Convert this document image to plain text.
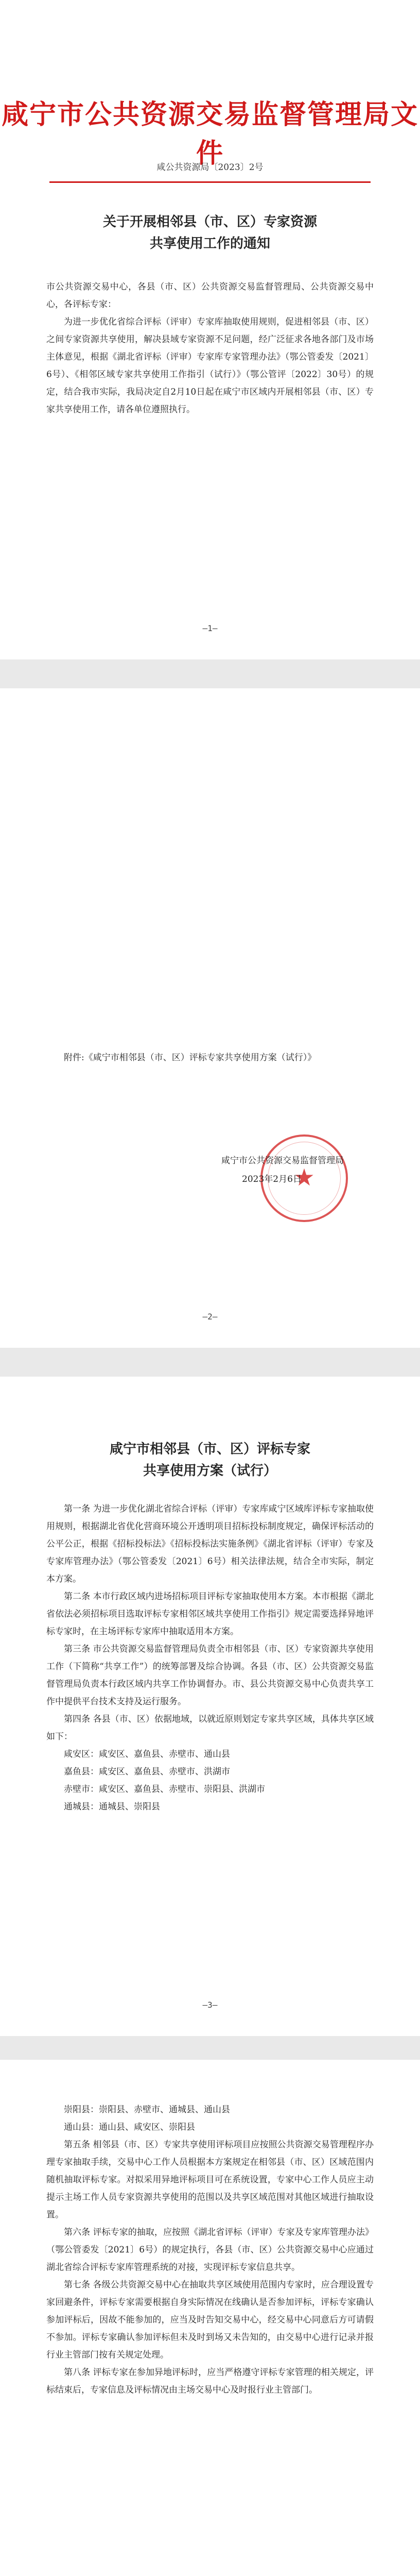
咸宁市公共资源交易监督管理局文件
咸公共资源局〔2023〕2号
关于开展相邻县（市、区）专家资源
共享使用工作的通知

市公共资源交易中心，各县（市、区）公共资源交易监督管理局、公共资源交易中心，各评标专家：

为进一步优化省综合评标（评审）专家库抽取使用规则，促进相邻县（市、区）之间专家资源共享使用，解决县域专家资源不足问题，经广泛征求各地各部门及市场主体意见，根据《湖北省评标（评审）专家库专家管理办法》（鄂公管委发〔2021〕6号）、《相邻区域专家共享使用工作指引（试行）》（鄂公管评〔2022〕30号）的规定，结合我市实际，我局决定自2月10日起在咸宁市区域内开展相邻县（市、区）专家共享使用工作，请各单位遵照执行。

—1—

附件:《咸宁市相邻县（市、区）评标专家共享使用方案（试行）》

★
咸宁市公共资源交易监督管理局
2023年2月6日
—2—
咸宁市相邻县（市、区）评标专家
共享使用方案（试行）

第一条 为进一步优化湖北省综合评标（评审）专家库咸宁区域库评标专家抽取使用规则，根据湖北省优化营商环境公开透明项目招标投标制度规定，确保评标活动的公平公正，根据《招标投标法》《招标投标法实施条例》《湖北省评标（评审）专家及专家库管理办法》（鄂公管委发〔2021〕6号）相关法律法规，结合全市实际，制定本方案。

第二条 本市行政区域内进场招标项目评标专家抽取使用本方案。本市根据《湖北省依法必须招标项目选取评标专家相邻区域共享使用工作指引》规定需要选择异地评标专家时，在主场评标专家库中抽取适用本方案。

第三条 市公共资源交易监督管理局负责全市相邻县（市、区）专家资源共享使用工作（下简称“共享工作”）的统筹部署及综合协调。各县（市、区）公共资源交易监督管理局负责本行政区域内共享工作协调督办。市、县公共资源交易中心负责共享工作中提供平台技术支持及运行服务。

第四条 各县（市、区）依据地域，以就近原则划定专家共享区域，具体共享区域如下：

咸安区：咸安区、嘉鱼县、赤壁市、通山县

嘉鱼县：咸安区、嘉鱼县、赤壁市、洪湖市

赤壁市：咸安区、嘉鱼县、赤壁市、崇阳县、洪湖市

通城县：通城县、崇阳县

—3—

崇阳县：崇阳县、赤壁市、通城县、通山县

通山县：通山县、咸安区、崇阳县

第五条 相邻县（市、区）专家共享使用评标项目应按照公共资源交易管理程序办理专家抽取手续，交易中心工作人员根据本方案规定在相邻县（市、区）区域范围内随机抽取评标专家。对拟采用异地评标项目可在系统设置，专家中心工作人员应主动提示主场工作人员专家资源共享使用的范围以及共享区域范围对其他区域进行抽取设置。

第六条 评标专家的抽取，应按照《湖北省评标（评审）专家及专家库管理办法》（鄂公管委发〔2021〕6号）的规定执行，各县（市、区）公共资源交易中心应通过湖北省综合评标专家库管理系统的对接，实现评标专家信息共享。

第七条 各级公共资源交易中心在抽取共享区域使用范围内专家时，应合理设置专家回避条件，评标专家需要根据自身实际情况在线确认是否参加评标，评标专家确认参加评标后，因故不能参加的，应当及时告知交易中心，经交易中心同意后方可请假不参加。评标专家确认参加评标但未及时到场又未告知的，由交易中心进行记录并报行业主管部门按有关规定处理。

第八条 评标专家在参加异地评标时，应当严格遵守评标专家管理的相关规定，评标结束后，专家信息及评标情况由主场交易中心及时报行业主管部门。
